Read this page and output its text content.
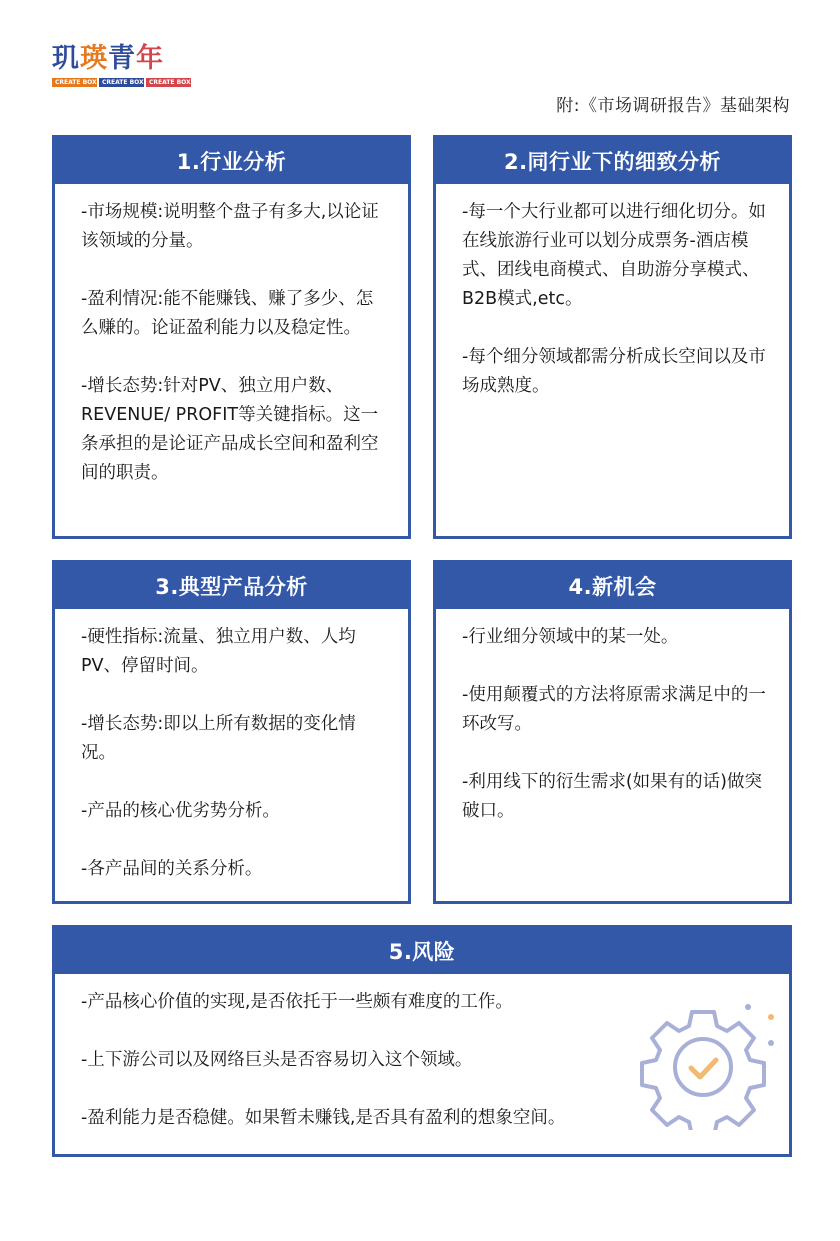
玑 瑛 青 年
CREATE BOX CREATE BOX CREATE BOX
附:《市场调研报告》基础架构
1.行业分析

-市场规模:说明整个盘子有多大,以论证该领域的分量。

-盈利情况:能不能赚钱、赚了多少、怎么赚的。论证盈利能力以及稳定性。

-增长态势:针对PV、独立用户数、REVENUE/ PROFIT等关键指标。这一条承担的是论证产品成长空间和盈利空间的职责。

2.同行业下的细致分析

-每一个大行业都可以进行细化切分。如在线旅游行业可以划分成票务-酒店模式、团线电商模式、自助游分享模式、B2B模式,etc。

-每个细分领域都需分析成长空间以及市场成熟度。

3.典型产品分析

-硬性指标:流量、独立用户数、人均PV、停留时间。

-增长态势:即以上所有数据的变化情况。

-产品的核心优劣势分析。

-各产品间的关系分析。

4.新机会

-行业细分领域中的某一处。

-使用颠覆式的方法将原需求满足中的一环改写。

-利用线下的衍生需求(如果有的话)做突破口。

5.风险

-产品核心价值的实现,是否依托于一些颇有难度的工作。

-上下游公司以及网络巨头是否容易切入这个领域。

-盈利能力是否稳健。如果暂未赚钱,是否具有盈利的想象空间。
